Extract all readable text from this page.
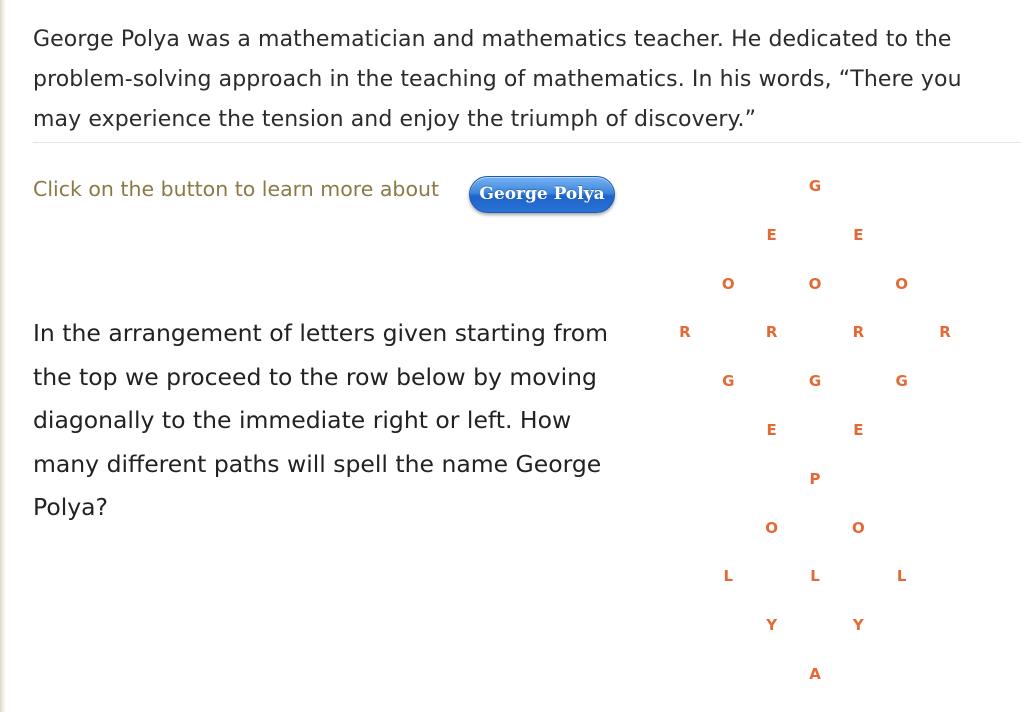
George Polya was a mathematician and mathematics teacher. He dedicated to the problem-solving approach in the teaching of mathematics. In his words, “There you may experience the tension and enjoy the triumph of discovery.”
Click on the button to learn more about	George Polya
In the arrangement of letters given starting from the top we proceed to the row below by moving diagonally to the immediate right or left. How many different paths will spell the name George Polya?
G
E	E
O	O	O
R	R	R	R
G	G	G
E	E
P
O	O
L	L	L
Y	Y
A
